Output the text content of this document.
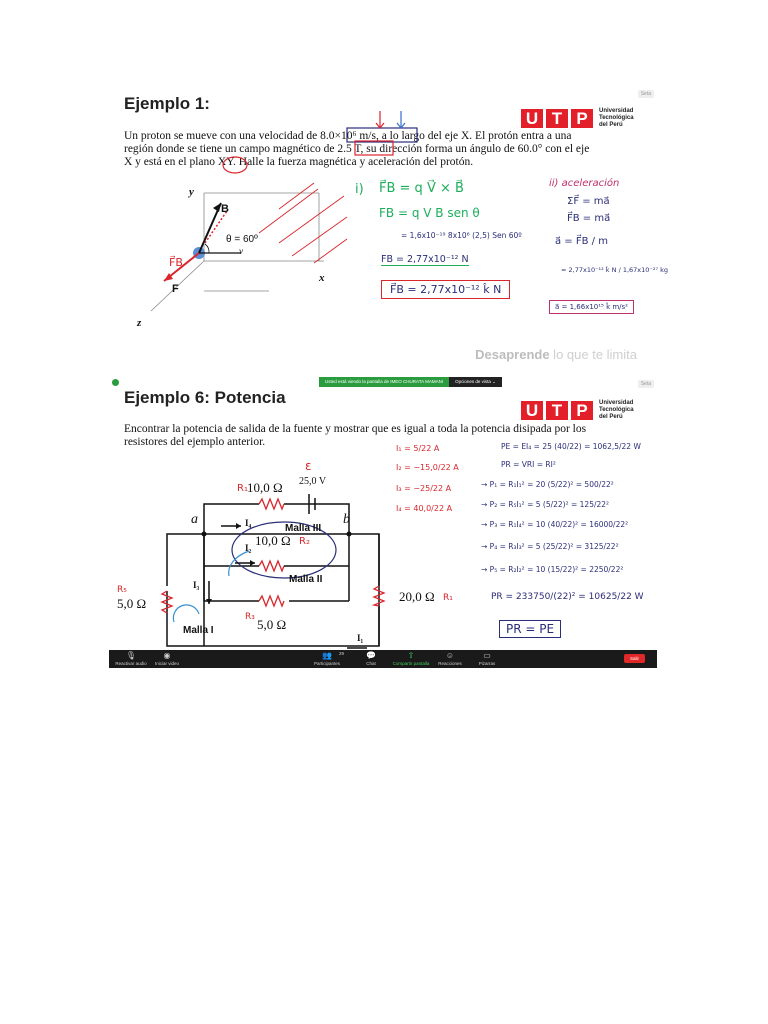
Seta
Ejemplo 1:
U T P	Universidad
Tecnológica
del Perú
Un proton se mueve con una velocidad de 8.0×10⁶ m/s, a lo largo del eje X. El protón entra a una
región donde se tiene un campo magnético de 2.5 T, su dirección forma un ángulo de 60.0° con el eje
X y está en el plano XY. Halle la fuerza magnética y aceleración del protón.
y
x
z
B
F
θ = 60º
v
F⃗B
i) F⃗B = q V⃗ × B⃗
FB = q V B sen θ
= 1,6x10⁻¹⁹ 8x10⁶ (2,5) Sen 60º
FB = 2,77x10⁻¹² N
F⃗B = 2,77x10⁻¹² k̂ N
ii) aceleración
ΣF⃗ = ma⃗
F⃗B = ma⃗
a⃗ = F⃗B / m
= 2,77x10⁻¹² k̂ N / 1,67x10⁻²⁷ kg
a⃗ = 1,66x10¹⁵ k̂ m/s²
Desaprende lo que te limita
Usted está viendo la pantalla de IMEO CHURATA MAMANI	Opciones de vista ⌄	Seta
Ejemplo 6: Potencia
U T P	Universidad
Tecnológica
del Perú
Encontrar la potencia de salida de la fuente y mostrar que es igual a toda la potencia disipada por los
resistores del ejemplo anterior.
10,0 Ω 25,0 V
10,0 Ω
5,0 Ω
5,0 Ω	20,0 Ω
a	b
Malla I
Malla II
Malla III
I₁
I₂
I₃
I₄
R₁
R₂
R₃
R₁
R₅
ε
I₁ = 5/22 A
I₂ = −15,0/22 A
I₃ = −25/22 A
I₄ = 40,0/22 A
PE = EI₄ = 25 (40/22) = 1062,5/22 W
PR = VRI = RI²
→ P₁ = R₁I₁² = 20 (5/22)² = 500/22²
→ P₂ = R₅I₁² = 5 (5/22)² = 125/22²
→ P₃ = R₁I₄² = 10 (40/22)² = 16000/22²
→ P₄ = R₃I₃² = 5 (25/22)² = 3125/22²
→ P₅ = R₂I₂² = 10 (15/22)² = 2250/22²
PR = 233750/(22)² = 10625/22 W
PR = PE
🎙
Reactivar audio
◉
Iniciar video
👥
Participantes
29	💬
Chat
⇧
Compartir pantalla
☺
Reacciones
▭
Pizarras
Salir
